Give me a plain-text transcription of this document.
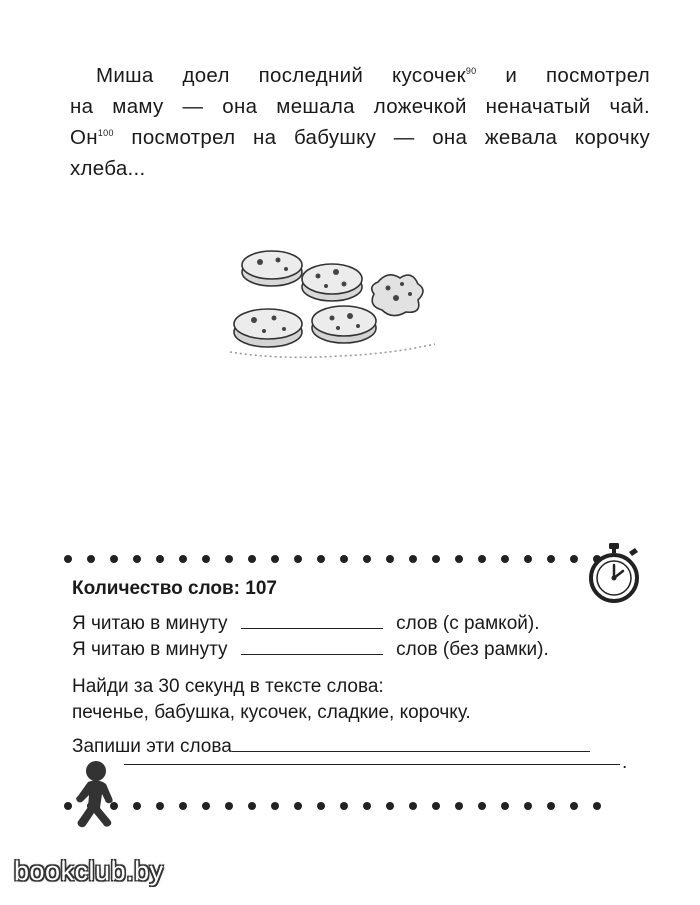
Миша доел последний кусочек$^{90}$ и посмотрел

на маму — она мешала ложечкой неначатый чай.

$Он^{100}$ посмотрел на бабушку — она жевала корочку

хлеба...

Количество слов: 107
Я читаю в минуту	слов (с рамкой).
Я читаю в минуту	слов (без рамки).
Найди за 30 секунд в тексте слова:
печенье, бабушка, кусочек, сладкие, корочку.
Запиши эти слова
.
bookclub.by
